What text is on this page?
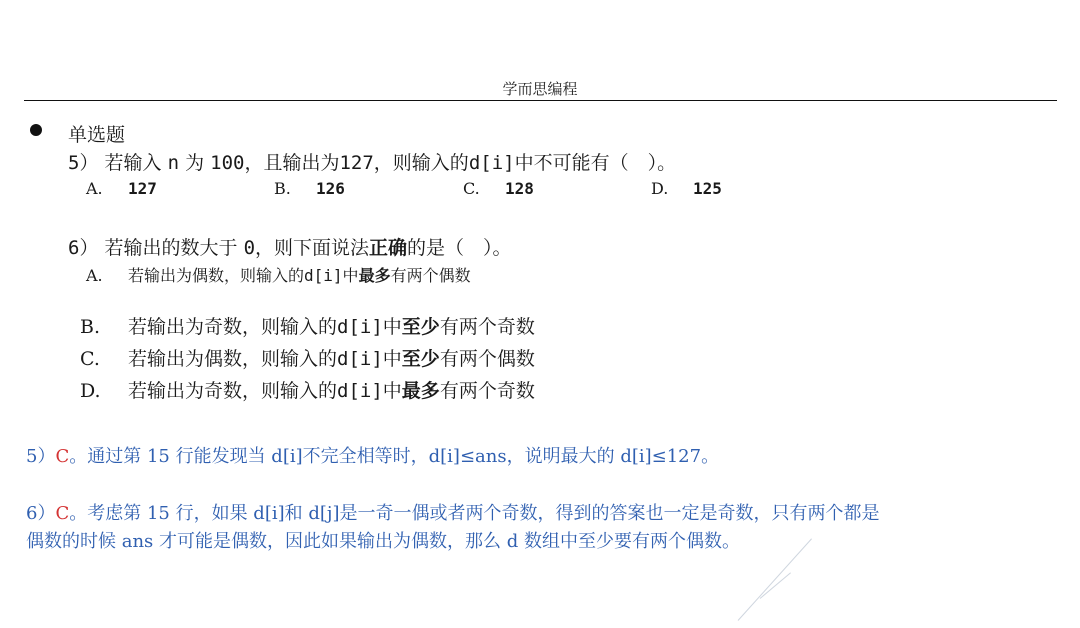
学而思编程
单选题
5） 若输入 n 为 100，且输出为127，则输入的d[i]中不可能有（　）。
A. 127	B. 126	C. 128	D. 125
6） 若输出的数大于 0，则下面说法正确的是（　）。
A. 若输出为偶数，则输入的d[i]中最多有两个偶数
B. 若输出为奇数，则输入的d[i]中至少有两个奇数
C. 若输出为偶数，则输入的d[i]中至少有两个偶数
D. 若输出为奇数，则输入的d[i]中最多有两个奇数
5）C。通过第 15 行能发现当 d[i]不完全相等时，d[i]≤ans，说明最大的 d[i]≤127。
6）C。考虑第 15 行，如果 d[i]和 d[j]是一奇一偶或者两个奇数，得到的答案也一定是奇数，只有两个都是
偶数的时候 ans 才可能是偶数，因此如果输出为偶数，那么 d 数组中至少要有两个偶数。
